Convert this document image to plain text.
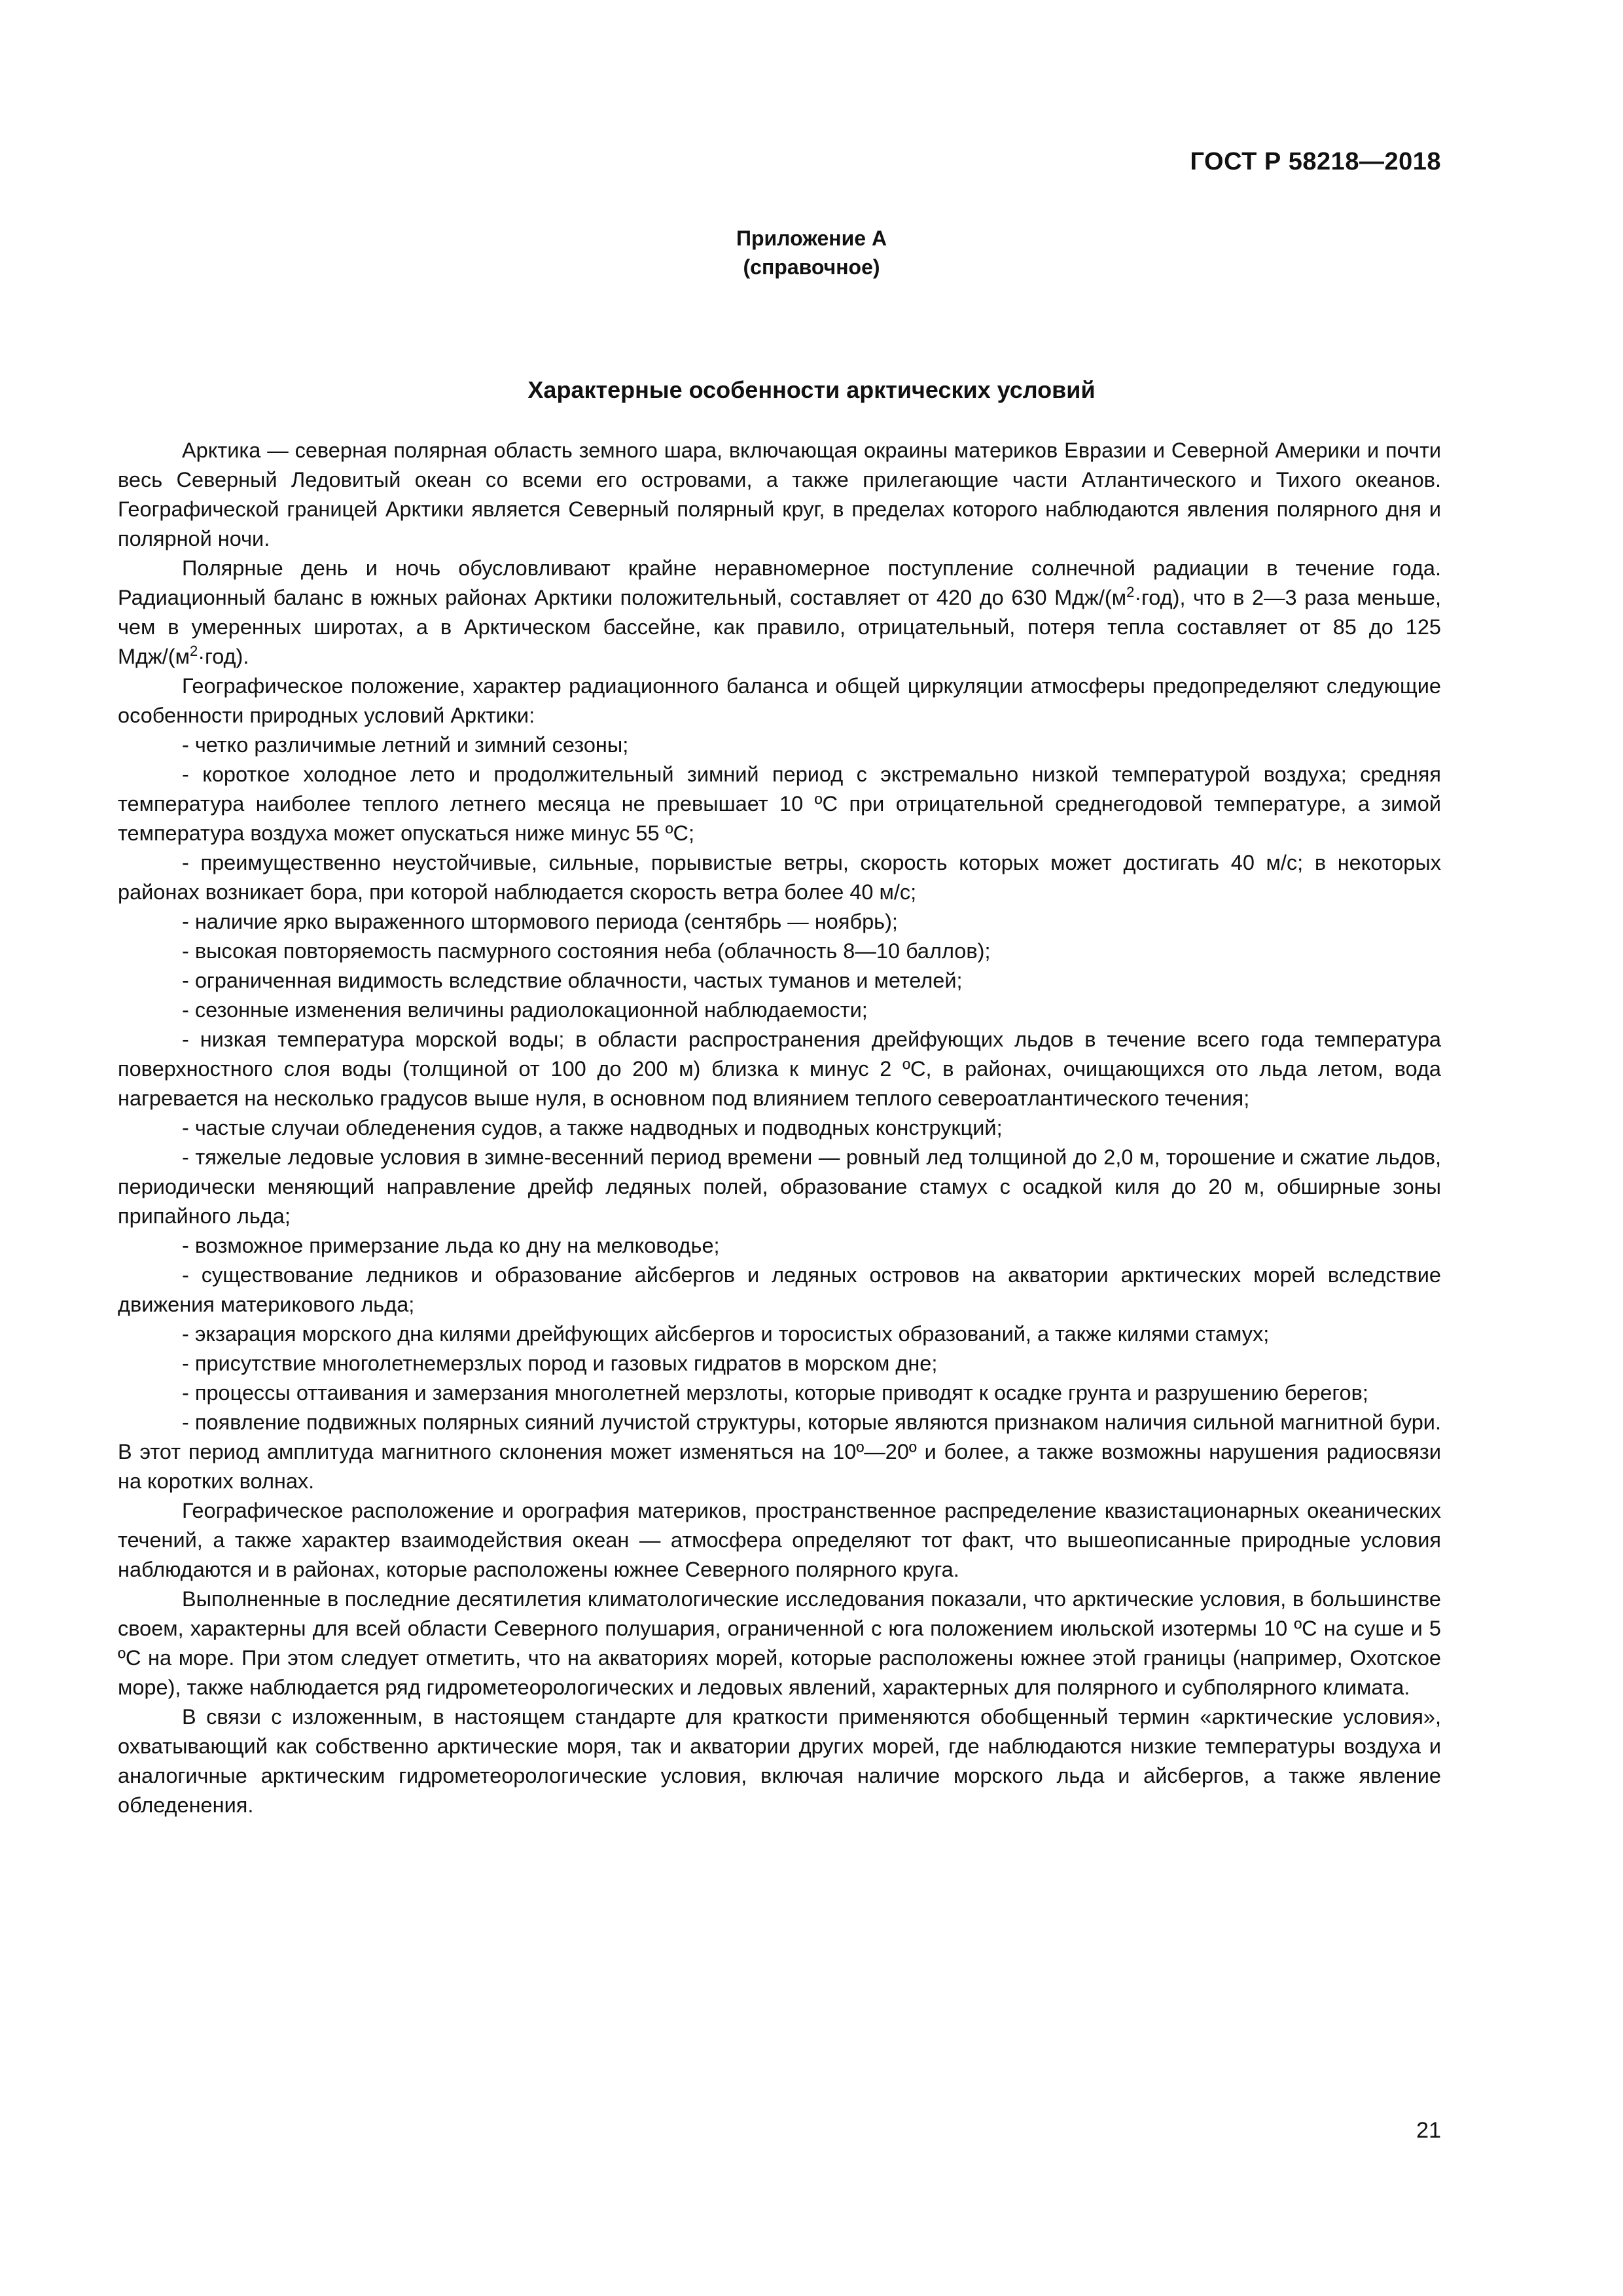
ГОСТ Р 58218—2018
Приложение А
(справочное)
Характерные особенности арктических условий

Арктика — северная полярная область земного шара, включающая окраины материков Евразии и Северной Америки и почти весь Северный Ледовитый океан со всеми его островами, а также прилегающие части Атлантического и Тихого океанов. Географической границей Арктики является Северный полярный круг, в пределах которого наблюдаются явления полярного дня и полярной ночи.

Полярные день и ночь обусловливают крайне неравномерное поступление солнечной радиации в течение года. Радиационный баланс в южных районах Арктики положительный, составляет от 420 до 630 Мдж/$(м^2\cdot год)$, что в 2—3 раза меньше, чем в умеренных широтах, а в Арктическом бассейне, как правило, отрицательный, потеря тепла составляет от 85 до 125 Мдж/$(м^2\cdot год)$.

Географическое положение, характер радиационного баланса и общей циркуляции атмосферы предопределяют следующие особенности природных условий Арктики:

- четко различимые летний и зимний сезоны;

- короткое холодное лето и продолжительный зимний период с экстремально низкой температурой воздуха; средняя температура наиболее теплого летнего месяца не превышает 10 ºС при отрицательной среднегодовой температуре, а зимой температура воздуха может опускаться ниже минус 55 ºС;

- преимущественно неустойчивые, сильные, порывистые ветры, скорость которых может достигать 40 м/с; в некоторых районах возникает бора, при которой наблюдается скорость ветра более 40 м/с;

- наличие ярко выраженного штормового периода (сентябрь — ноябрь);

- высокая повторяемость пасмурного состояния неба (облачность 8—10 баллов);

- ограниченная видимость вследствие облачности, частых туманов и метелей;

- сезонные изменения величины радиолокационной наблюдаемости;

- низкая температура морской воды; в области распространения дрейфующих льдов в течение всего года температура поверхностного слоя воды (толщиной от 100 до 200 м) близка к минус 2 ºС, в районах, очищающихся ото льда летом, вода нагревается на несколько градусов выше нуля, в основном под влиянием теплого североатлантического течения;

- частые случаи обледенения судов, а также надводных и подводных конструкций;

- тяжелые ледовые условия в зимне-весенний период времени — ровный лед толщиной до 2,0 м, торошение и сжатие льдов, периодически меняющий направление дрейф ледяных полей, образование стамух с осадкой киля до 20 м, обширные зоны припайного льда;

- возможное примерзание льда ко дну на мелководье;

- существование ледников и образование айсбергов и ледяных островов на акватории арктических морей вследствие движения материкового льда;

- экзарация морского дна килями дрейфующих айсбергов и торосистых образований, а также килями стамух;

- присутствие многолетнемерзлых пород и газовых гидратов в морском дне;

- процессы оттаивания и замерзания многолетней мерзлоты, которые приводят к осадке грунта и разрушению берегов;

- появление подвижных полярных сияний лучистой структуры, которые являются признаком наличия сильной магнитной бури. В этот период амплитуда магнитного склонения может изменяться на 10º—20º и более, а также возможны нарушения радиосвязи на коротких волнах.

Географическое расположение и орография материков, пространственное распределение квазистационарных океанических течений, а также характер взаимодействия океан — атмосфера определяют тот факт, что вышеописанные природные условия наблюдаются и в районах, которые расположены южнее Северного полярного круга.

Выполненные в последние десятилетия климатологические исследования показали, что арктические условия, в большинстве своем, характерны для всей области Северного полушария, ограниченной с юга положением июльской изотермы 10 ºС на суше и 5 ºС на море. При этом следует отметить, что на акваториях морей, которые расположены южнее этой границы (например, Охотское море), также наблюдается ряд гидрометеорологических и ледовых явлений, характерных для полярного и субполярного климата.

В связи с изложенным, в настоящем стандарте для краткости применяются обобщенный термин «арктические условия», охватывающий как собственно арктические моря, так и акватории других морей, где наблюдаются низкие температуры воздуха и аналогичные арктическим гидрометеорологические условия, включая наличие морского льда и айсбергов, а также явление обледенения.

21
